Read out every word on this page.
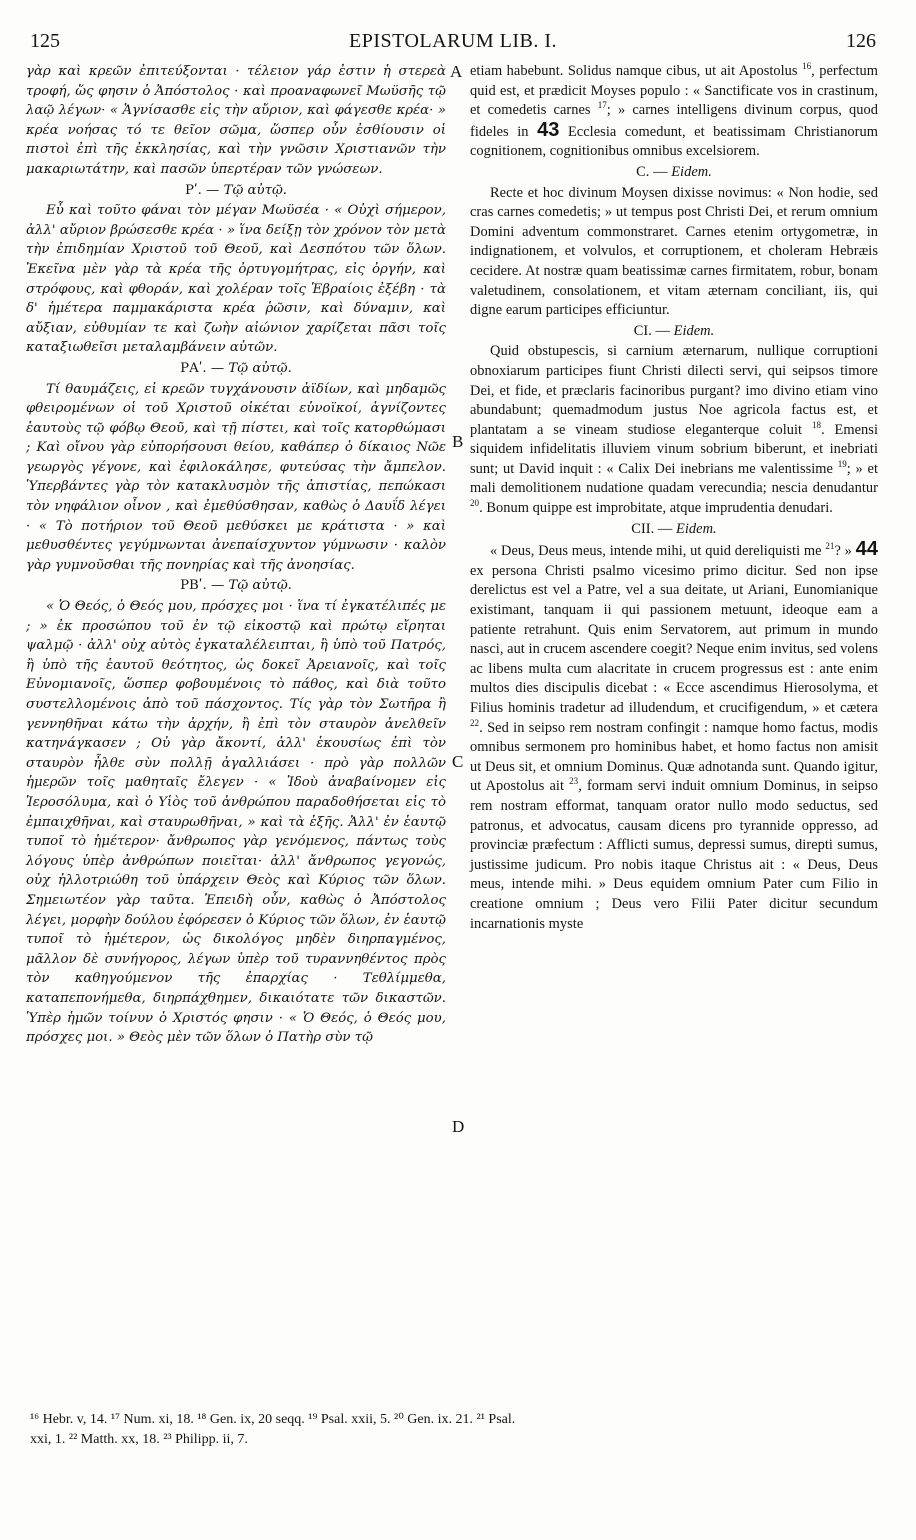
125	EPISTOLARUM LIB. I.	126

γὰρ καὶ κρεῶν ἐπιτεύξονται · τέλειον γάρ ἐστιν ἡ στερεὰ τροφή, ὥς φησιν ὁ Ἀπόστολος · καὶ προαναφωνεῖ Μωϋσῆς τῷ λαῷ λέγων· « Ἁγνίσασθε εἰς τὴν αὔριον, καὶ φάγεσθε κρέα· » κρέα νοήσας τό τε θεῖον σῶμα, ὥσπερ οὖν ἐσθίουσιν οἱ πιστοὶ ἐπὶ τῆς ἐκκλησίας, καὶ τὴν γνῶσιν Χριστιανῶν τὴν μακαριωτάτην, καὶ πασῶν ὑπερτέραν τῶν γνώσεων.

Ρʹ. — Τῷ αὐτῷ.

Εὖ καὶ τοῦτο φάναι τὸν μέγαν Μωϋσέα · « Οὐχὶ σήμερον, ἀλλ' αὔριον βρώσεσθε κρέα · » ἵνα δείξῃ τὸν χρόνον τὸν μετὰ τὴν ἐπιδημίαν Χριστοῦ τοῦ Θεοῦ, καὶ Δεσπότου τῶν ὅλων. Ἐκεῖνα μὲν γὰρ τὰ κρέα τῆς ὀρτυγομήτρας, εἰς ὀργήν, καὶ στρόφους, καὶ φθοράν, καὶ χολέραν τοῖς Ἑβραίοις ἐξέβη · τὰ δ' ἡμέτερα παμμακάριστα κρέα ῥῶσιν, καὶ δύναμιν, καὶ αὔξιαν, εὐθυμίαν τε καὶ ζωὴν αἰώνιον χαρίζεται πᾶσι τοῖς καταξιωθεῖσι μεταλαμβάνειν αὐτῶν.

ΡΑʹ. — Τῷ αὐτῷ.

Τί θαυμάζεις, εἰ κρεῶν τυγχάνουσιν ἀϊδίων, καὶ μηδαμῶς φθειρομένων οἱ τοῦ Χριστοῦ οἰκέται εὐνοϊκοί, ἁγνίζοντες ἑαυτοὺς τῷ φόβῳ Θεοῦ, καὶ τῇ πίστει, καὶ τοῖς κατορθώμασι ; Καὶ οἴνου γὰρ εὐπορήσουσι θείου, καθάπερ ὁ δίκαιος Νῶε γεωργὸς γέγονε, καὶ ἐφιλοκάλησε, φυτεύσας τὴν ἄμπελον. Ὑπερβάντες γὰρ τὸν κατακλυσμὸν τῆς ἀπιστίας, πεπώκασι τὸν νηφάλιον οἶνον , καὶ ἐμεθύσθησαν, καθὼς ὁ Δαυΐδ λέγει · « Τὸ ποτήριον τοῦ Θεοῦ μεθύσκει με κράτιστα · » καὶ μεθυσθέντες γεγύμνωνται ἀνεπαίσχυντον γύμνωσιν · καλὸν γὰρ γυμνοῦσθαι τῆς πονηρίας καὶ τῆς ἀνοησίας.

ΡΒʹ. — Τῷ αὐτῷ.

« Ὁ Θεός, ὁ Θεός μου, πρόσχες μοι · ἵνα τί ἐγκατέλιπές με ; » ἐκ προσώπου τοῦ ἐν τῷ εἰκοστῷ καὶ πρώτῳ εἴρηται ψαλμῷ · ἀλλ' οὐχ αὐτὸς ἐγκαταλέλειπται, ἢ ὑπὸ τοῦ Πατρός, ἢ ὑπὸ τῆς ἑαυτοῦ θεότητος, ὡς δοκεῖ Ἀρειανοῖς, καὶ τοῖς Εὐνομιανοῖς, ὥσπερ φοβουμένοις τὸ πάθος, καὶ διὰ τοῦτο συστελλομένοις ἀπὸ τοῦ πάσχοντος. Τίς γὰρ τὸν Σωτῆρα ἢ γεννηθῆναι κάτω τὴν ἀρχήν, ἢ ἐπὶ τὸν σταυρὸν ἀνελθεῖν κατηνάγκασεν ; Οὐ γὰρ ἄκοντί, ἀλλ' ἑκουσίως ἐπὶ τὸν σταυρὸν ἦλθε σὺν πολλῇ ἀγαλλιάσει · πρὸ γὰρ πολλῶν ἡμερῶν τοῖς μαθηταῖς ἔλεγεν · « Ἰδοὺ ἀναβαίνομεν εἰς Ἱεροσόλυμα, καὶ ὁ Υἱὸς τοῦ ἀνθρώπου παραδοθήσεται εἰς τὸ ἐμπαιχθῆναι, καὶ σταυρωθῆναι, » καὶ τὰ ἑξῆς. Ἀλλ' ἐν ἑαυτῷ τυποῖ τὸ ἡμέτερον· ἄνθρωπος γὰρ γενόμενος, πάντως τοὺς λόγους ὑπὲρ ἀνθρώπων ποιεῖται· ἀλλ' ἄνθρωπος γεγονώς, οὐχ ἠλλοτριώθη τοῦ ὑπάρχειν Θεὸς καὶ Κύριος τῶν ὅλων. Σημειωτέον γὰρ ταῦτα. Ἐπειδὴ οὖν, καθὼς ὁ Ἀπόστολος λέγει, μορφὴν δούλου ἐφόρεσεν ὁ Κύριος τῶν ὅλων, ἐν ἑαυτῷ τυποῖ τὸ ἡμέτερον, ὡς δικολόγος μηδὲν διηρπαγμένος, μᾶλλον δὲ συνήγορος, λέγων ὑπὲρ τοῦ τυραννηθέντος πρὸς τὸν καθηγούμενον τῆς ἐπαρχίας · Τεθλίμμεθα, καταπεπονήμεθα, διηρπάχθημεν, δικαιότατε τῶν δικαστῶν. Ὑπὲρ ἡμῶν τοίνυν ὁ Χριστός φησιν · « Ὁ Θεός, ὁ Θεός μου, πρόσχες μοι. » Θεὸς μὲν τῶν ὅλων ὁ Πατὴρ σὺν τῷ

A
B
C
D

etiam habebunt. Solidus namque cibus, ut ait Apostolus $^{16}$, perfectum quid est, et prædicit Moyses populo : « Sanctificate vos in crastinum, et comedetis carnes $^{17}$; » carnes intelligens divinum corpus, quod fideles in 43 Ecclesia comedunt, et beatissimam Christianorum cognitionem, cognitionibus omnibus excelsiorem.

C. — Eidem.

Recte et hoc divinum Moysen dixisse novimus: « Non hodie, sed cras carnes comedetis; » ut tempus post Christi Dei, et rerum omnium Domini adventum commonstraret. Carnes etenim ortygometræ, in indignationem, et volvulos, et corruptionem, et choleram Hebræis cecidere. At nostræ quam beatissimæ carnes firmitatem, robur, bonam valetudinem, consolationem, et vitam æternam conciliant, iis, qui digne earum participes efficiuntur.

CI. — Eidem.

Quid obstupescis, si carnium æternarum, nullique corruptioni obnoxiarum participes fiunt Christi dilecti servi, qui seipsos timore Dei, et fide, et præclaris facinoribus purgant? imo divino etiam vino abundabunt; quemadmodum justus Noe agricola factus est, et plantatam a se vineam studiose eleganterque coluit $^{18}$. Emensi siquidem infidelitatis illuviem vinum sobrium biberunt, et inebriati sunt; ut David inquit : « Calix Dei inebrians me valentissime $^{19}$; » et mali demolitionem nudatione quadam verecundia; nescia denudantur $^{20}$. Bonum quippe est improbitate, atque imprudentia denudari.

CII. — Eidem.

« Deus, Deus meus, intende mihi, ut quid dereliquisti me $^{21}$? » 44 ex persona Christi psalmo vicesimo primo dicitur. Sed non ipse derelictus est vel a Patre, vel a sua deitate, ut Ariani, Eunomianique existimant, tanquam ii qui passionem metuunt, ideoque eam a patiente retrahunt. Quis enim Servatorem, aut primum in mundo nasci, aut in crucem ascendere coegit? Neque enim invitus, sed volens ac libens multa cum alacritate in crucem progressus est : ante enim multos dies discipulis dicebat : « Ecce ascendimus Hierosolyma, et Filius hominis tradetur ad illudendum, et crucifigendum, » et cætera $^{22}$. Sed in seipso rem nostram confingit : namque homo factus, modis omnibus sermonem pro hominibus habet, et homo factus non amisit ut Deus sit, et omnium Dominus. Quæ adnotanda sunt. Quando igitur, ut Apostolus ait $^{23}$, formam servi induit omnium Dominus, in seipso rem nostram efformat, tanquam orator nullo modo seductus, sed patronus, et advocatus, causam dicens pro tyrannide oppresso, ad provinciæ præfectum : Afflicti sumus, depressi sumus, direpti sumus, justissime judicum. Pro nobis itaque Christus ait : « Deus, Deus meus, intende mihi. » Deus equidem omnium Pater cum Filio in creatione omnium ; Deus vero Filii Pater dicitur secundum incarnationis myste

¹⁶ Hebr. v, 14. ¹⁷ Num. xi, 18. ¹⁸ Gen. ix, 20 seqq. ¹⁹ Psal. xxii, 5. ²⁰ Gen. ix. 21. ²¹ Psal.
xxi, 1. ²² Matth. xx, 18. ²³ Philipp. ii, 7.
